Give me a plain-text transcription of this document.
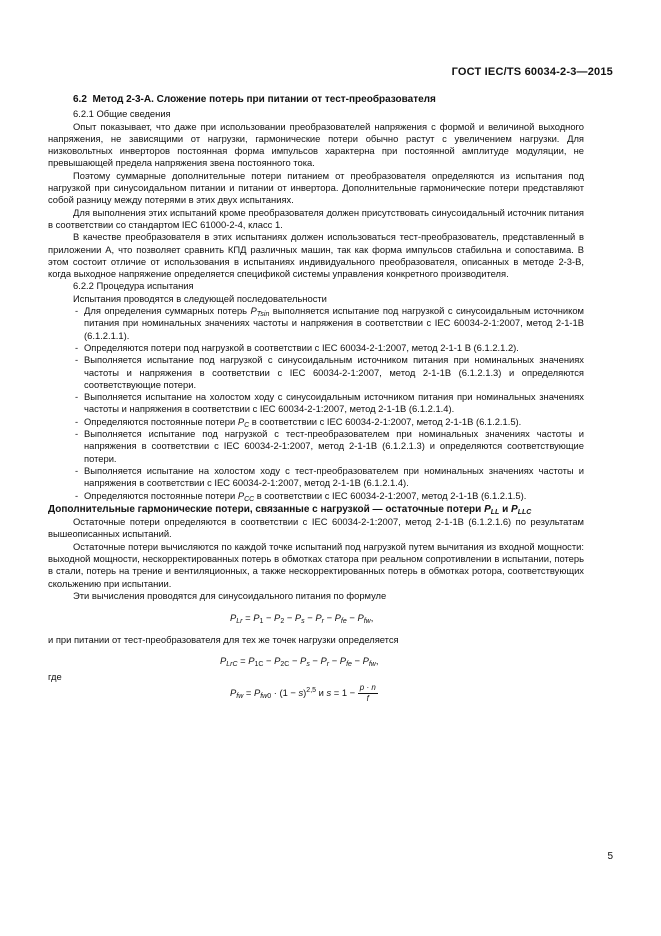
ГОСТ IEC/TS 60034-2-3—2015
6.2 Метод 2-3-А. Сложение потерь при питании от тест-преобразователя
6.2.1 Общие сведения

Опыт показывает, что даже при использовании преобразователей напряжения с формой и величиной выходного напряжения, не зависящими от нагрузки, гармонические потери обычно растут с увеличением нагрузки. Для низковольтных инверторов постоянная форма импульсов характерна при постоянной амплитуде модуляции, не превышающей предела напряжения звена постоянного тока.

Поэтому суммарные дополнительные потери питанием от преобразователя определяются из испытания под нагрузкой при синусоидальном питании и питании от инвертора. Дополнительные гармонические потери представляют собой разницу между потерями в этих двух испытаниях.

Для выполнения этих испытаний кроме преобразователя должен присутствовать синусоидальный источник питания в соответствии со стандартом IEC 61000-2-4, класс 1.

В качестве преобразователя в этих испытаниях должен использоваться тест-преобразователь, представленный в приложении А, что позволяет сравнить КПД различных машин, так как форма импульсов стабильна и сопоставима. В этом состоит отличие от использования в испытаниях индивидуального преобразователя, описанных в методе 2-3-В, когда выходное напряжение определяется спецификой системы управления конкретного производителя.

6.2.2 Процедура испытания
Испытания проводятся в следующей последовательности
- Для определения суммарных потерь $P_{Tsin}$ выполняется испытание под нагрузкой с синусоидальным источником питания при номинальных значениях частоты и напряжения в соответствии с IEC 60034-2-1:2007, метод 2-1-1В (6.1.2.1.1).
- Определяются потери под нагрузкой в соответствии с IEC 60034-2-1:2007, метод 2-1-1 В (6.1.2.1.2).
- Выполняется испытание под нагрузкой с синусоидальным источником питания при номинальных значениях частоты и напряжения в соответствии с IEC 60034-2-1:2007, метод 2-1-1В (6.1.2.1.3) и определяются соответствующие потери.
- Выполняется испытание на холостом ходу с синусоидальным источником питания при номинальных значениях частоты и напряжения в соответствии с IEC 60034-2-1:2007, метод 2-1-1В (6.1.2.1.4).
- Определяются постоянные потери $P_C$ в соответствии с IEC 60034-2-1:2007, метод 2-1-1В (6.1.2.1.5).
- Выполняется испытание под нагрузкой с тест-преобразователем при номинальных значениях частоты и напряжения в соответствии с IEC 60034-2-1:2007, метод 2-1-1В (6.1.2.1.3) и определяются соответствующие потери.
- Выполняется испытание на холостом ходу с тест-преобразователем при номинальных значениях частоты и напряжения в соответствии с IEC 60034-2-1:2007, метод 2-1-1В (6.1.2.1.4).
- Определяются постоянные потери $P_{CC}$ в соответствии с IEC 60034-2-1:2007, метод 2-1-1В (6.1.2.1.5).
Дополнительные гармонические потери, связанные с нагрузкой — остаточные потери $P_{LL}$ и $P_{LLC}$

Остаточные потери определяются в соответствии с IEC 60034-2-1:2007, метод 2-1-1В (6.1.2.1.6) по результатам вышеописанных испытаний.

Остаточные потери вычисляются по каждой точке испытаний под нагрузкой путем вычитания из входной мощности: выходной мощности, нескорректированных потерь в обмотках статора при реальном сопротивлении в испытании, потерь в стали, потерь на трение и вентиляционных, а также нескорректированных потерь в обмотках ротора, соответствующих скольжению при испытании.

Эти вычисления проводятся для синусоидального питания по формуле

$P_{Lr} = P_1 - P_2 - P_s - P_r - P_{fe} - P_{fw}$,

и при питании от тест-преобразователя для тех же точек нагрузки определяется

$P_{LrC} = P_{1C} - P_{2C} - P_s - P_r - P_{fe} - P_{fw}$,
где
$P_{fw} = P_{fw0} \cdot (1 - s)^{2,5}$ и $s = 1 - \frac{p \cdot n}{f}$
5
